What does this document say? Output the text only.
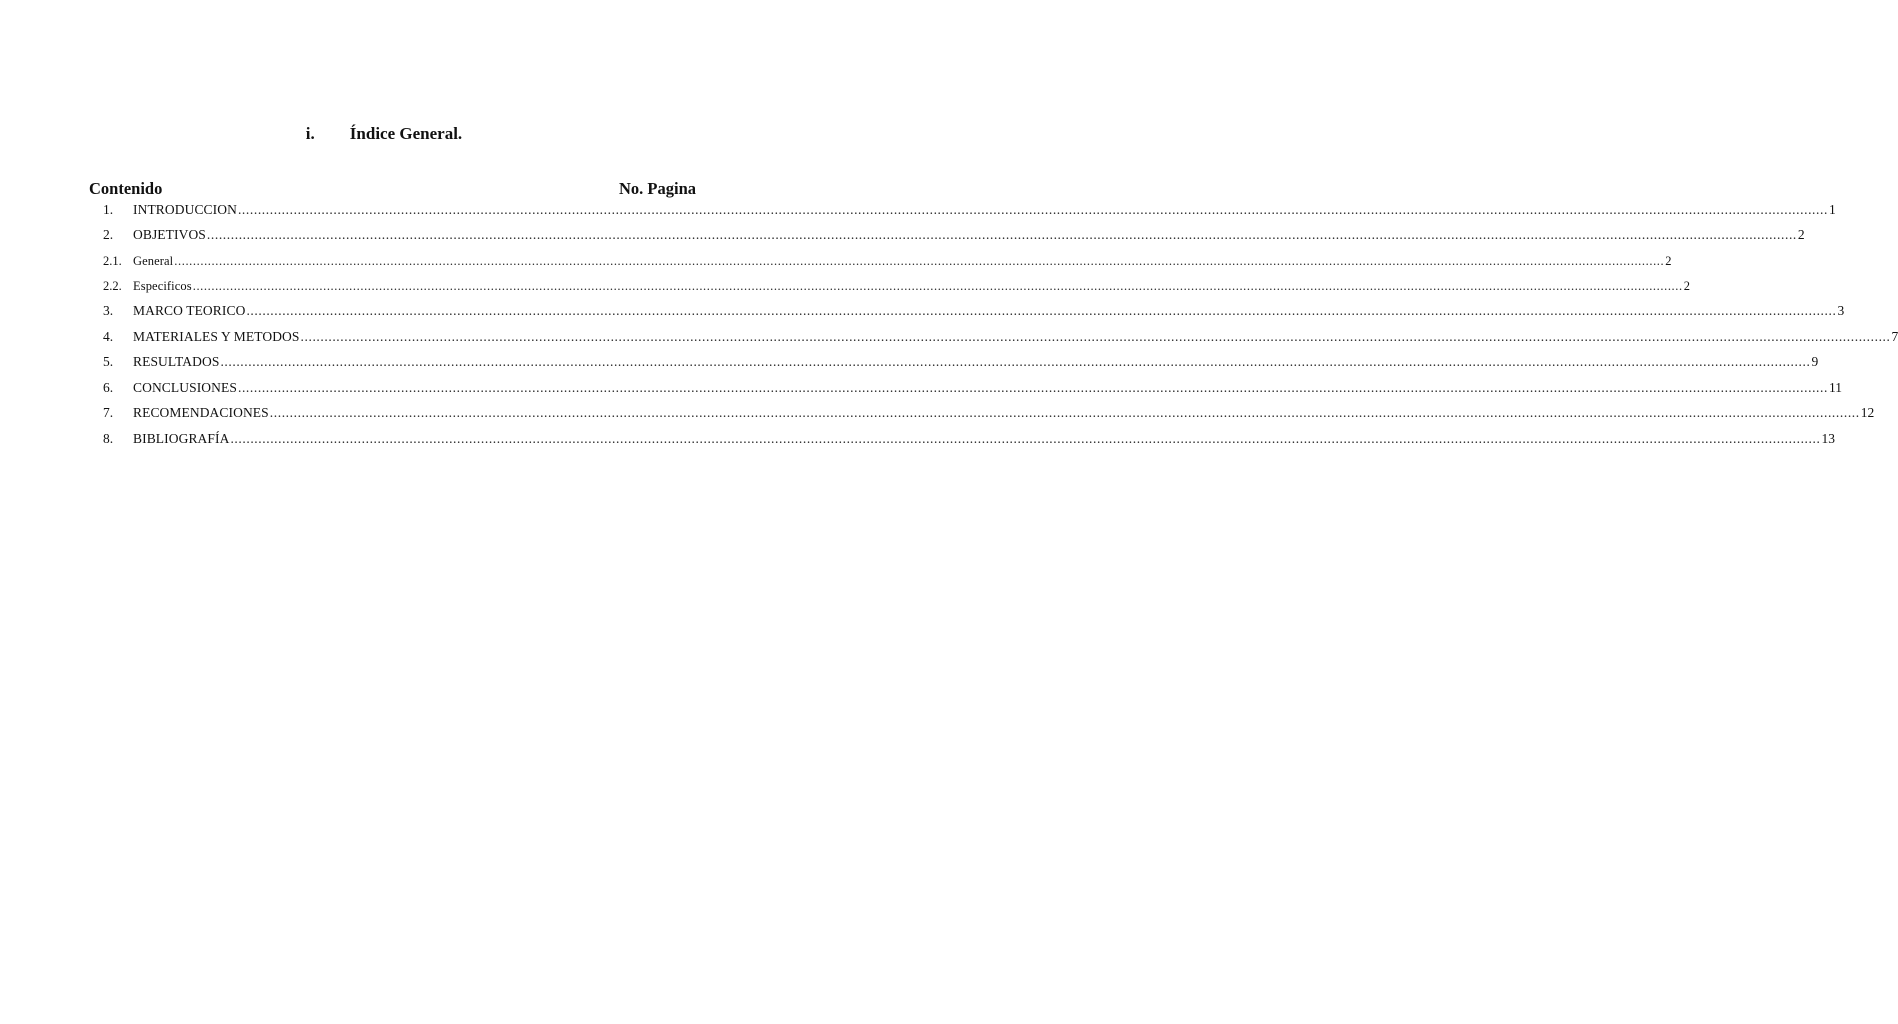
i. Índice General.
Contenido	No. Pagina
1.	INTRODUCCION ................................................................................................................................................................................................................................................................................................................................................................................................................ 1
2.	OBJETIVOS ................................................................................................................................................................................................................................................................................................................................................................................................................ 2
2.1. General ................................................................................................................................................................................................................................................................................................................................................................................................................ 2
2.2. Especificos ................................................................................................................................................................................................................................................................................................................................................................................................................ 2
3.	MARCO TEORICO ................................................................................................................................................................................................................................................................................................................................................................................................................ 3
4.	MATERIALES Y METODOS ................................................................................................................................................................................................................................................................................................................................................................................................................ 7
5.	RESULTADOS ................................................................................................................................................................................................................................................................................................................................................................................................................ 9
6.	CONCLUSIONES ................................................................................................................................................................................................................................................................................................................................................................................................................ 11
7.	RECOMENDACIONES ................................................................................................................................................................................................................................................................................................................................................................................................................ 12
8.	BIBLIOGRAFÍA ................................................................................................................................................................................................................................................................................................................................................................................................................ 13
